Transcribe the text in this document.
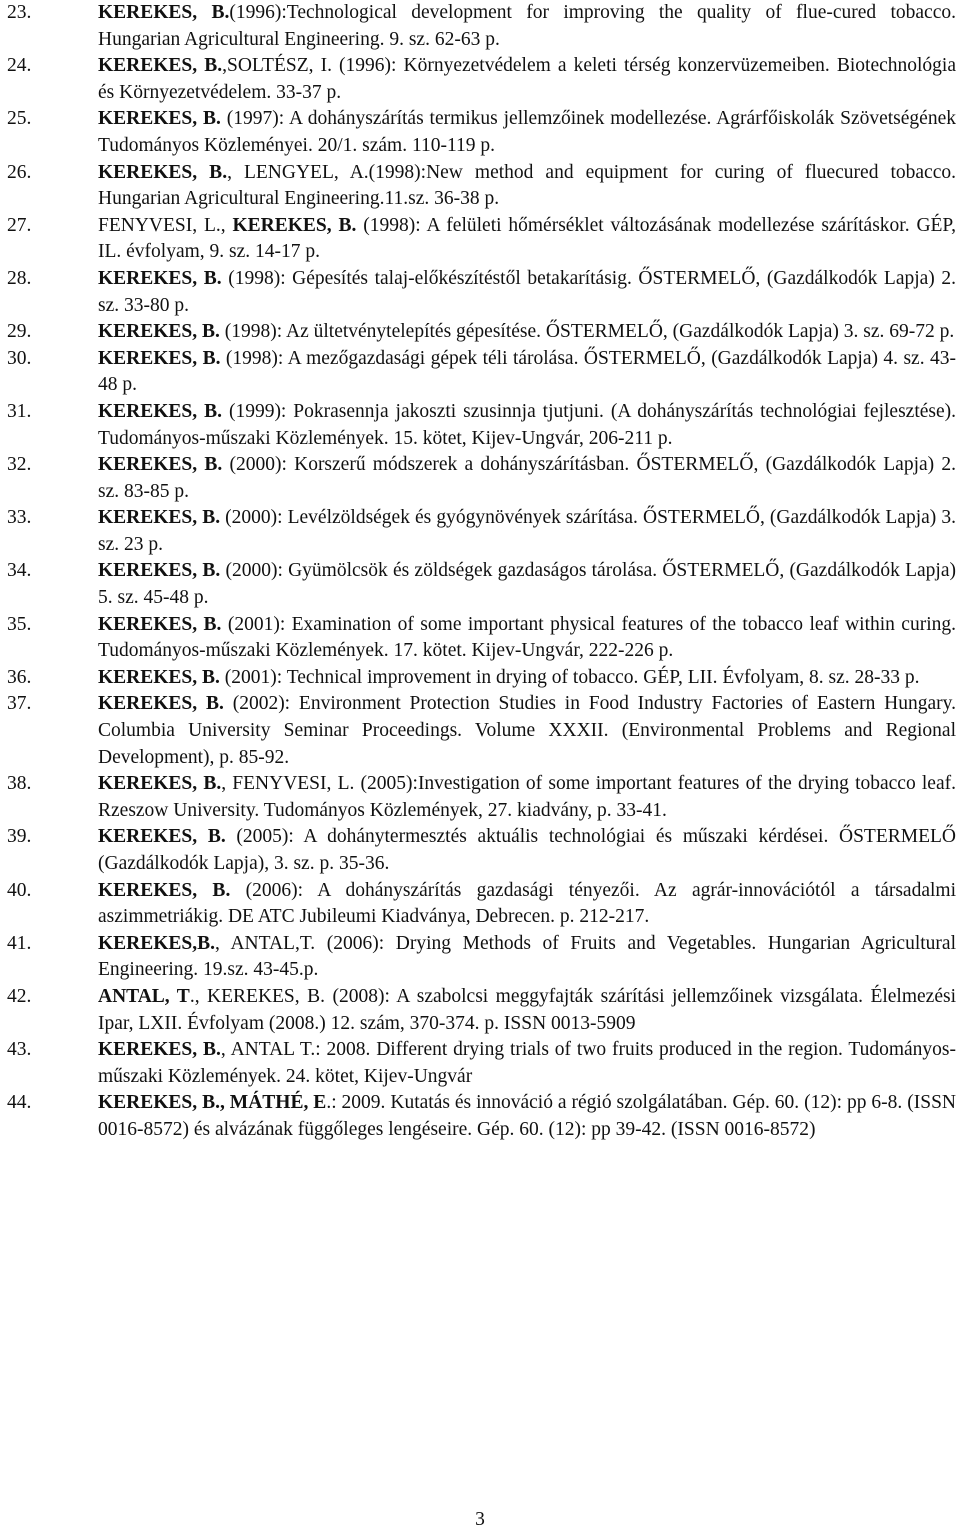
23.	KEREKES, B.(1996):Technological development for improving the quality of flue-cured tobacco. Hungarian Agricultural Engineering. 9. sz. 62-63 p.
24.	KEREKES, B.,SOLTÉSZ, I. (1996): Környezetvédelem a keleti térség konzervüzemeiben. Biotechnológia és Környezetvédelem. 33-37 p.
25.	KEREKES, B. (1997): A dohányszárítás termikus jellemzőinek modellezése. Agrárfőiskolák Szövetségének Tudományos Közleményei. 20/1. szám. 110-119 p.
26.	KEREKES, B., LENGYEL, A.(1998):New method and equipment for curing of fluecured tobacco. Hungarian Agricultural Engineering.11.sz. 36-38 p.
27.	FENYVESI, L., KEREKES, B. (1998): A felületi hőmérséklet változásának modellezése szárításkor. GÉP, IL. évfolyam, 9. sz. 14-17 p.
28.	KEREKES, B. (1998): Gépesítés talaj-előkészítéstől betakarításig. ŐSTERMELŐ, (Gazdálkodók Lapja) 2. sz. 33-80 p.
29.	KEREKES, B. (1998): Az ültetvénytelepítés gépesítése. ŐSTERMELŐ, (Gazdálkodók Lapja) 3. sz. 69-72 p.
30.	KEREKES, B. (1998): A mezőgazdasági gépek téli tárolása. ŐSTERMELŐ, (Gazdálkodók Lapja) 4. sz. 43-48 p.
31.	KEREKES, B. (1999): Pokrasennja jakoszti szusinnja tjutjuni. (A dohányszárítás technológiai fejlesztése). Tudományos-műszaki Közlemények. 15. kötet, Kijev-Ungvár, 206-211 p.
32.	KEREKES, B. (2000): Korszerű módszerek a dohányszárításban. ŐSTERMELŐ, (Gazdálkodók Lapja) 2. sz. 83-85 p.
33.	KEREKES, B. (2000): Levélzöldségek és gyógynövények szárítása. ŐSTERMELŐ, (Gazdálkodók Lapja) 3. sz. 23 p.
34.	KEREKES, B. (2000): Gyümölcsök és zöldségek gazdaságos tárolása. ŐSTERMELŐ, (Gazdálkodók Lapja) 5. sz. 45-48 p.
35.	KEREKES, B. (2001): Examination of some important physical features of the tobacco leaf within curing. Tudományos-műszaki Közlemények. 17. kötet. Kijev-Ungvár, 222-226 p.
36.	KEREKES, B. (2001): Technical improvement in drying of tobacco. GÉP, LII. Évfolyam, 8. sz. 28-33 p.
37.	KEREKES, B. (2002): Environment Protection Studies in Food Industry Factories of Eastern Hungary. Columbia University Seminar Proceedings. Volume XXXII. (Environmental Problems and Regional Development), p. 85-92.
38.	KEREKES, B., FENYVESI, L. (2005):Investigation of some important features of the drying tobacco leaf. Rzeszow University. Tudományos Közlemények, 27. kiadvány, p. 33-41.
39.	KEREKES, B. (2005): A dohánytermesztés aktuális technológiai és műszaki kérdései. ŐSTERMELŐ (Gazdálkodók Lapja), 3. sz. p. 35-36.
40.	KEREKES, B. (2006): A dohányszárítás gazdasági tényezői. Az agrár-innovációtól a társadalmi aszimmetriákig. DE ATC Jubileumi Kiadványa, Debrecen. p. 212-217.
41.	KEREKES,B., ANTAL,T. (2006): Drying Methods of Fruits and Vegetables. Hungarian Agricultural Engineering. 19.sz. 43-45.p.
42.	ANTAL, T., KEREKES, B. (2008): A szabolcsi meggyfajták szárítási jellemzőinek vizsgálata. Élelmezési Ipar, LXII. Évfolyam (2008.) 12. szám, 370-374. p. ISSN 0013-5909
43.	KEREKES, B., ANTAL T.: 2008. Different drying trials of two fruits produced in the region. Tudományos-műszaki Közlemények. 24. kötet, Kijev-Ungvár
44.	KEREKES, B., MÁTHÉ, E.: 2009. Kutatás és innováció a régió szolgálatában. Gép. 60. (12): pp 6-8. (ISSN 0016-8572) és alvázának függőleges lengéseire. Gép. 60. (12): pp 39-42. (ISSN 0016-8572)
3
